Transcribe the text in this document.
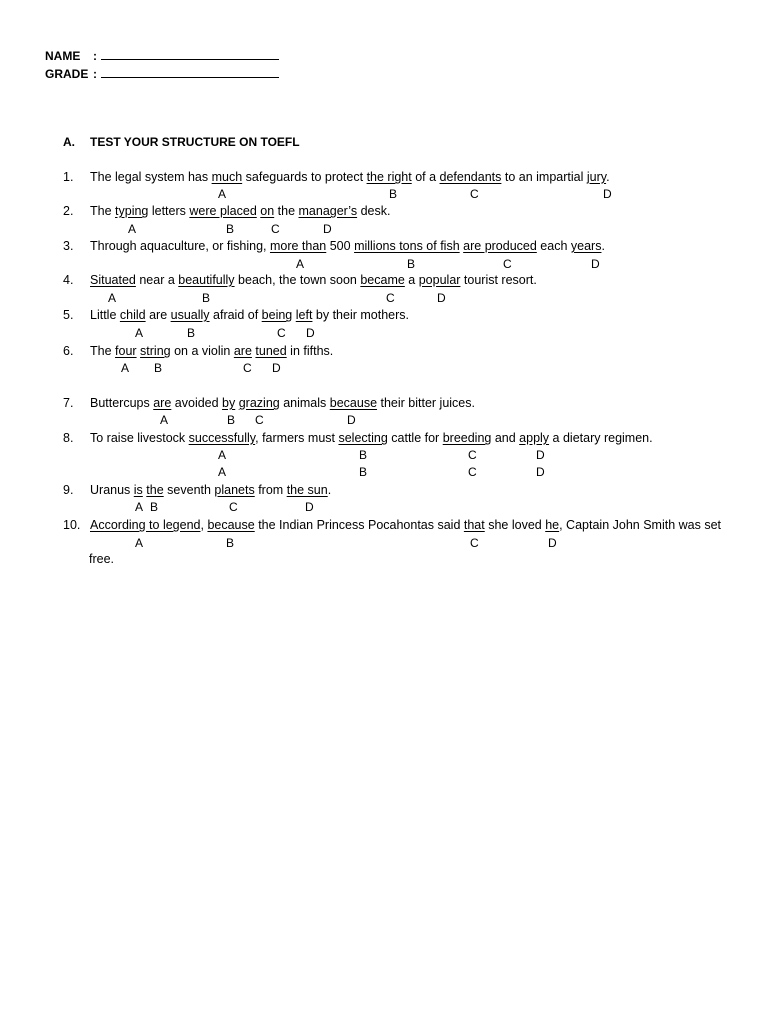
NAME :
GRADE :
A. TEST YOUR STRUCTURE ON TOEFL
1. The legal system has much safeguards to protect the right of a defendants to an impartial jury.
A	B	C	D
2. The typing letters were placed on the manager’s desk.
A	B	C	D
3. Through aquaculture, or fishing, more than 500 millions tons of fish are produced each years.
A	B	C	D
4. Situated near a beautifully beach, the town soon became a popular tourist resort.
A	B	C	D
5. Little child are usually afraid of being left by their mothers.
A	B	C D
6. The four string on a violin are tuned in fifths.
A B	C D
7. Buttercups are avoided by grazing animals because their bitter juices.
A	B C	D
8. To raise livestock successfully, farmers must selecting cattle for breeding and apply a dietary regimen.
A	B	C	D
9. Uranus is the seventh planets from the sun.
A B	C	D
10. According to legend, because the Indian Princess Pocahontas said that she loved he, Captain John Smith was set
A	B	C	D
free.
A	B	C	D
